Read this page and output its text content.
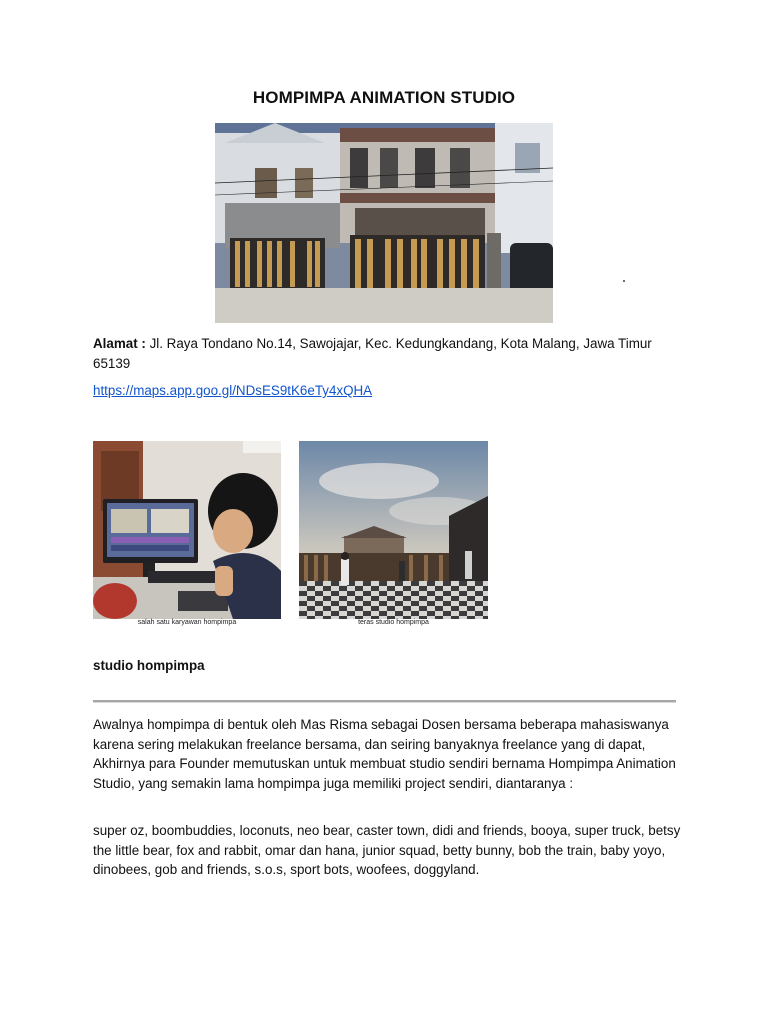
HOMPIMPA ANIMATION STUDIO
Alamat : Jl. Raya Tondano No.14, Sawojajar, Kec. Kedungkandang, Kota Malang, Jawa Timur 65139
https://maps.app.goo.gl/NDsES9tK6eTy4xQHA
salah satu karyawan hompimpa	teras studio hompimpa
studio hompimpa
Awalnya hompimpa di bentuk oleh Mas Risma sebagai Dosen bersama beberapa mahasiswanya karena sering melakukan freelance bersama, dan seiring banyaknya freelance yang di dapat, Akhirnya para Founder memutuskan untuk membuat studio sendiri bernama Hompimpa Animation Studio, yang semakin lama hompimpa juga memiliki project sendiri, diantaranya :
super oz, boombuddies, loconuts, neo bear, caster town, didi and friends, booya, super truck, betsy the little bear, fox and rabbit, omar dan hana, junior squad, betty bunny, bob the train, baby yoyo, dinobees, gob and friends, s.o.s, sport bots, woofees, doggyland.
